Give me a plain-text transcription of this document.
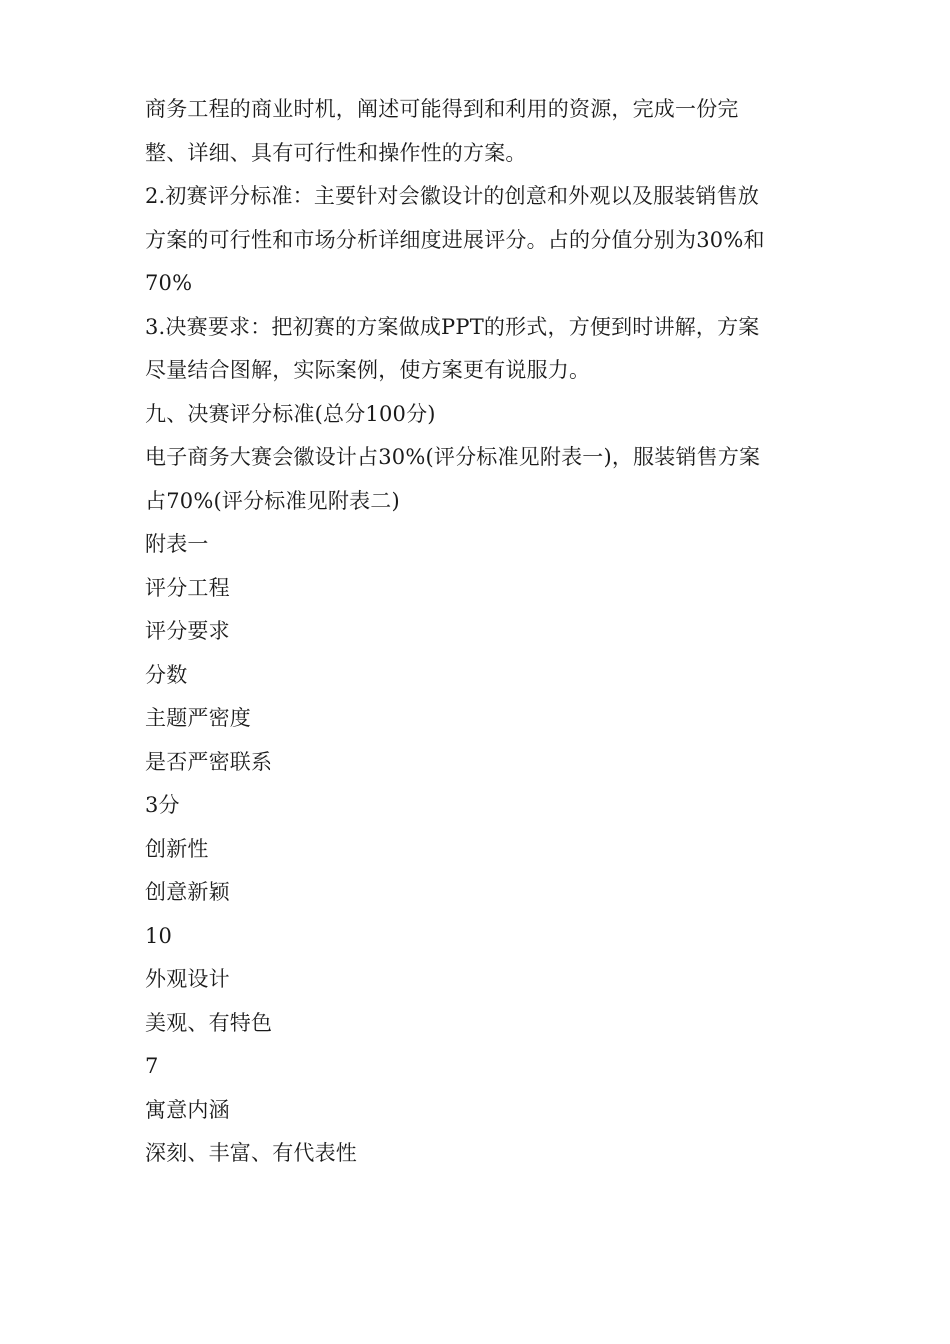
商务工程的商业时机，阐述可能得到和利用的资源，完成一份完
整、详细、具有可行性和操作性的方案。
2.初赛评分标准：主要针对会徽设计的创意和外观以及服装销售放
方案的可行性和市场分析详细度进展评分。占的分值分别为30%和
70%
3.决赛要求：把初赛的方案做成PPT的形式，方便到时讲解，方案
尽量结合图解，实际案例，使方案更有说服力。
九、决赛评分标准(总分100分)
电子商务大赛会徽设计占30%(评分标准见附表一)，服装销售方案
占70%(评分标准见附表二)
附表一
评分工程
评分要求
分数
主题严密度
是否严密联系
3分
创新性
创意新颖
10
外观设计
美观、有特色
7
寓意内涵
深刻、丰富、有代表性
